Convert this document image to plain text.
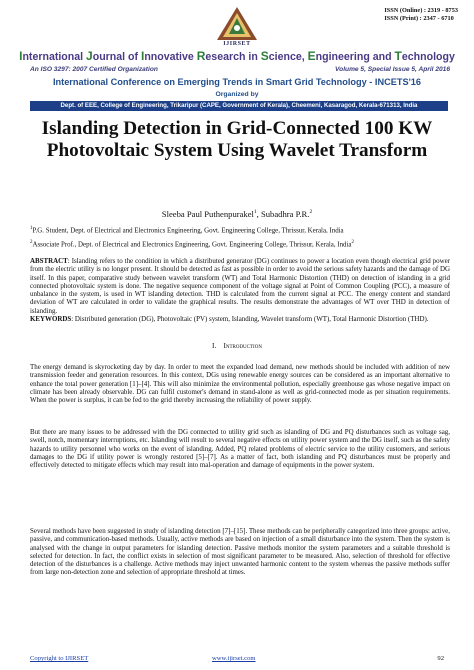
ISSN (Online) : 2319 - 8753
ISSN (Print) : 2347 - 6710
IJIRSET
International Journal of Innovative Research in Science, Engineering and Technology
An ISO 3297: 2007 Certified Organization	Volume 5, Special Issue 5, April 2016
International Conference on Emerging Trends in Smart Grid Technology - INCETS'16
Organized by
Dept. of EEE, College of Engineering, Trikaripur (CAPE, Government of Kerala), Cheemeni, Kasaragod, Kerala-671313, India
Islanding Detection in Grid-Connected 100 KW Photovoltaic System Using Wavelet Transform
Sleeba Paul Puthenpurakel$^1$, Subadhra P.R.$^2$
$^1$P.G. Student, Dept. of Electrical and Electronics Engineering, Govt. Engineering College, Thrissur, Kerala, India
$^2$Associate Prof., Dept. of Electrical and Electronics Engineering, Govt. Engineering College, Thrissur, Kerala, India$^2$
ABSTRACT: Islanding refers to the condition in which a distributed generator (DG) continues to power a location even though electrical grid power from the electric utility is no longer present. It should be detected as fast as possible in order to avoid the serious safety hazards and the damage of DG itself. In this paper, comparative study between wavelet transform (WT) and Total Harmonic Distortion (THD) on detection of islanding in a grid connected photovoltaic system is done. The negative sequence component of the voltage signal at Point of Common Coupling (PCC), a measure of unbalance in the system, is used in WT islanding detection. THD is calculated from the current signal at PCC. The energy content and standard deviation of WT are calculated in order to validate the graphical results. The results demonstrate the advantages of WT over THD in detection of islanding.
KEYWORDS: Distributed generation (DG), Photovoltaic (PV) system, Islanding, Wavelet transform (WT), Total Harmonic Distortion (THD).
I. Introduction
The energy demand is skyrocketing day by day. In order to meet the expanded load demand, new methods should be included with addition of new transmission feeder and generation resources. In this context, DGs using renewable energy sources can be considered as an important alternative to enhance the total power generation [1]–[4]. This will also minimize the environmental pollution, especially greenhouse gas whose negative impact on climate has been already observable. DG can fulfil customer's demand in stand-alone as well as grid-connected mode as per situation requirements. When the power is surplus, it can be fed to the grid thereby increasing the reliability of power supply.
But there are many issues to be addressed with the DG connected to utility grid such as islanding of DG and PQ disturbances such as voltage sag, swell, notch, momentary interruptions, etc. Islanding will result to several negative effects on utility power system and the DG itself, such as the safety hazards to utility personnel who works on the event of islanding. Added, PQ related problems of electric service to the utility customers, and serious damages to the DG if utility power is wrongly restored [5]–[7]. As a matter of fact, both islanding and PQ disturbances must be properly and effectively detected to mitigate effects which may result into mal-operation and damage of equipments in the power system.
Several methods have been suggested in study of islanding detection [7]–[15]. These methods can be peripherally categorized into three groups: active, passive, and communication-based methods. Usually, active methods are based on injection of a small disturbance into the system. Then the system is analysed with the change in output parameters for islanding detection. Passive methods monitor the system parameters and a suitable threshold is selected for detection. In fact, the conflict exists in selection of most significant parameter to be measured. Also, selection of threshold for effective detection of the disturbances is a challenge. Active methods may inject unwanted harmonic content to the system whereas the passive methods suffer from large non-detection zone and selection of appropriate threshold at times.
Copyright to IJIRSET	www.ijirset.com	92
